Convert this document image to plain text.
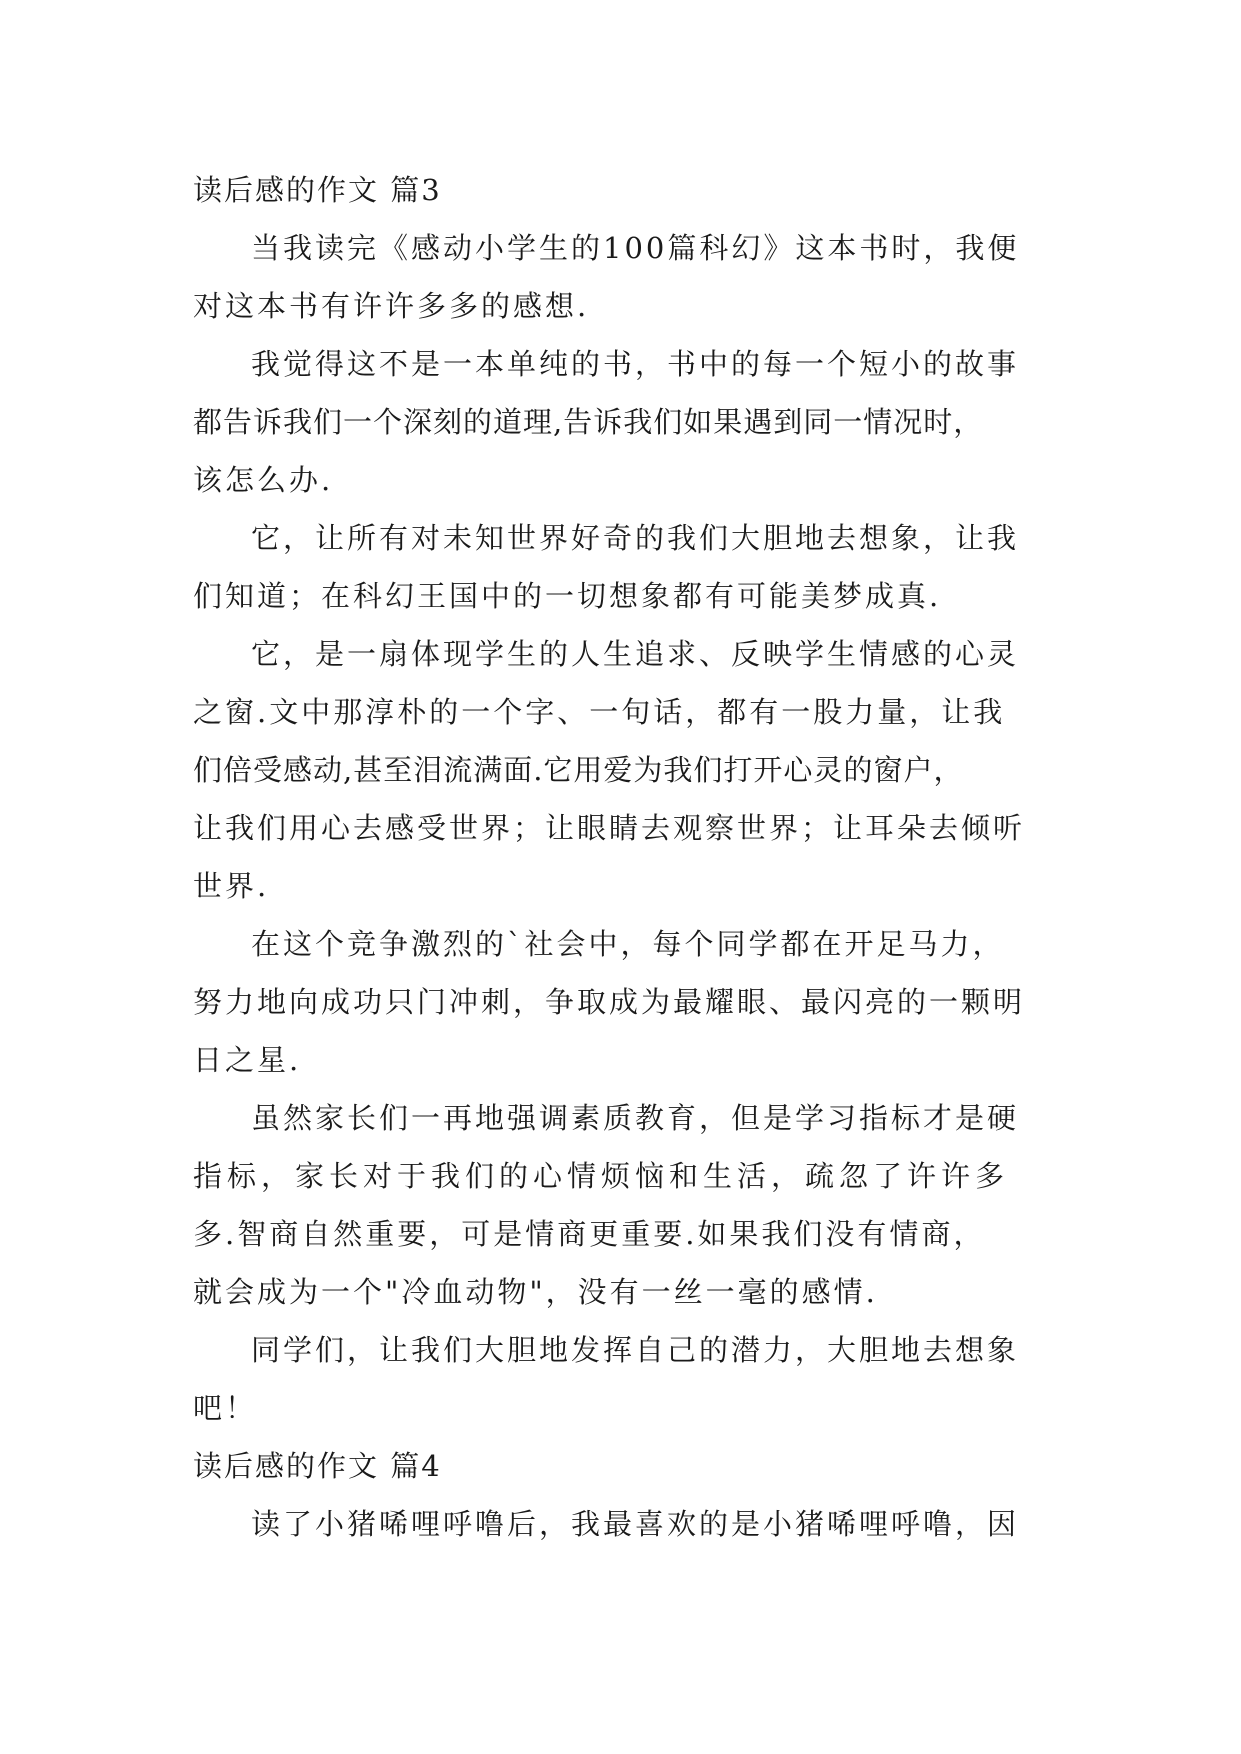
读后感的作文 篇3

当我读完《感动小学生的100篇科幻》这本书时，我便
对这本书有许许多多的感想.

我觉得这不是一本单纯的书，书中的每一个短小的故事
都告诉我们一个深刻的道理,告诉我们如果遇到同一情况时，
该怎么办.

它，让所有对未知世界好奇的我们大胆地去想象，让我
们知道；在科幻王国中的一切想象都有可能美梦成真.

它，是一扇体现学生的人生追求、反映学生情感的心灵
之窗.文中那淳朴的一个字、一句话，都有一股力量，让我
们倍受感动,甚至泪流满面.它用爱为我们打开心灵的窗户，
让我们用心去感受世界；让眼睛去观察世界；让耳朵去倾听
世界.

在这个竞争激烈的`社会中，每个同学都在开足马力，
努力地向成功只门冲刺，争取成为最耀眼、最闪亮的一颗明
日之星.

虽然家长们一再地强调素质教育，但是学习指标才是硬
指标，家长对于我们的心情烦恼和生活，疏忽了许许多
多.智商自然重要，可是情商更重要.如果我们没有情商，
就会成为一个"冷血动物"，没有一丝一毫的感情.

同学们，让我们大胆地发挥自己的潜力，大胆地去想象
吧！

读后感的作文 篇4

读了小猪唏哩呼噜后，我最喜欢的是小猪唏哩呼噜，因
